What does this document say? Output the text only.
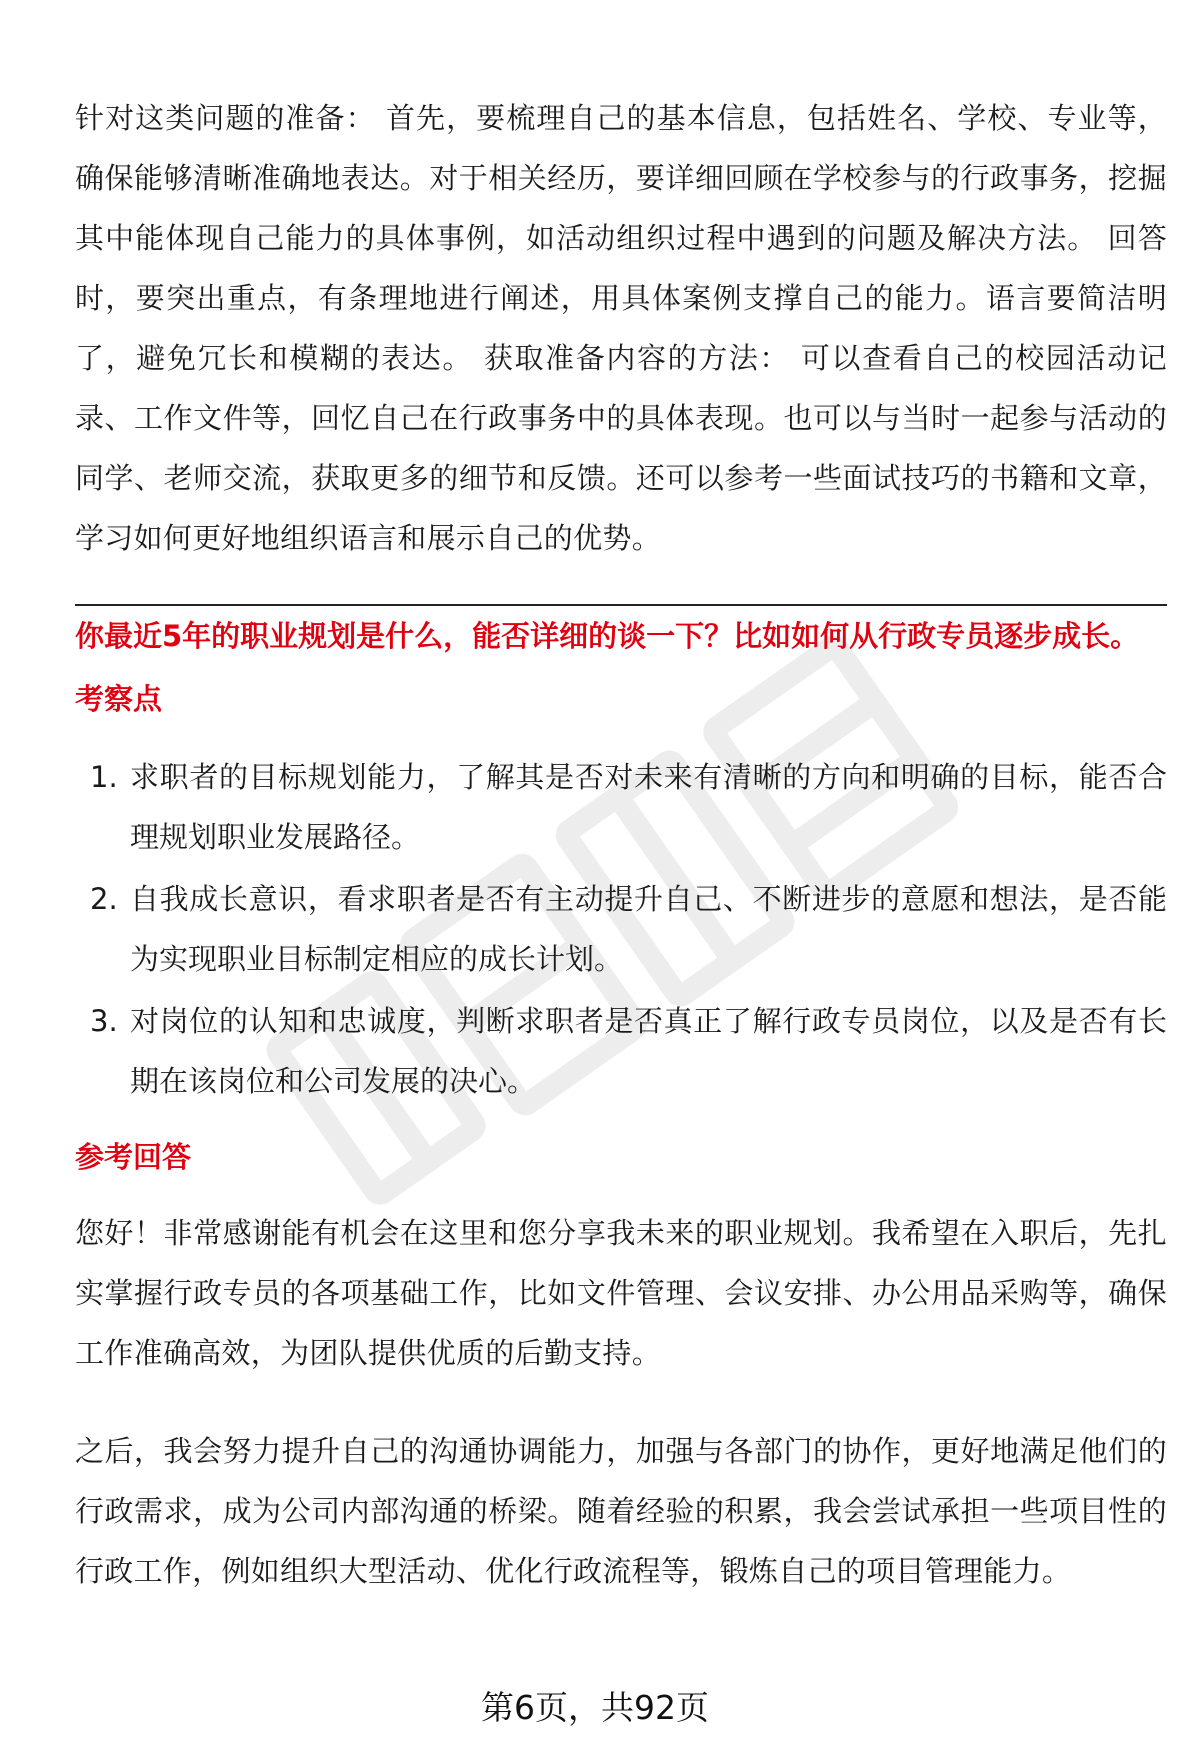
针对这类问题的准备： 首先，要梳理自己的基本信息，包括姓名、学校、专业等，确保能够清晰准确地表达。对于相关经历，要详细回顾在学校参与的行政事务，挖掘其中能体现自己能力的具体事例，如活动组织过程中遇到的问题及解决方法。 回答时，要突出重点，有条理地进行阐述，用具体案例支撑自己的能力。语言要简洁明了，避免冗长和模糊的表达。 获取准备内容的方法： 可以查看自己的校园活动记录、工作文件等，回忆自己在行政事务中的具体表现。也可以与当时一起参与活动的同学、老师交流，获取更多的细节和反馈。还可以参考一些面试技巧的书籍和文章，学习如何更好地组织语言和展示自己的优势。

你最近5年的职业规划是什么，能否详细的谈一下？比如如何从行政专员逐步成长。

考察点
1. 求职者的目标规划能力，了解其是否对未来有清晰的方向和明确的目标，能否合理规划职业发展路径。
2. 自我成长意识，看求职者是否有主动提升自己、不断进步的意愿和想法，是否能为实现职业目标制定相应的成长计划。
3. 对岗位的认知和忠诚度，判断求职者是否真正了解行政专员岗位，以及是否有长期在该岗位和公司发展的决心。
参考回答

您好！非常感谢能有机会在这里和您分享我未来的职业规划。我希望在入职后，先扎实掌握行政专员的各项基础工作，比如文件管理、会议安排、办公用品采购等，确保工作准确高效，为团队提供优质的后勤支持。

之后，我会努力提升自己的沟通协调能力，加强与各部门的协作，更好地满足他们的行政需求，成为公司内部沟通的桥梁。随着经验的积累，我会尝试承担一些项目性的行政工作，例如组织大型活动、优化行政流程等，锻炼自己的项目管理能力。

第6页，共92页
